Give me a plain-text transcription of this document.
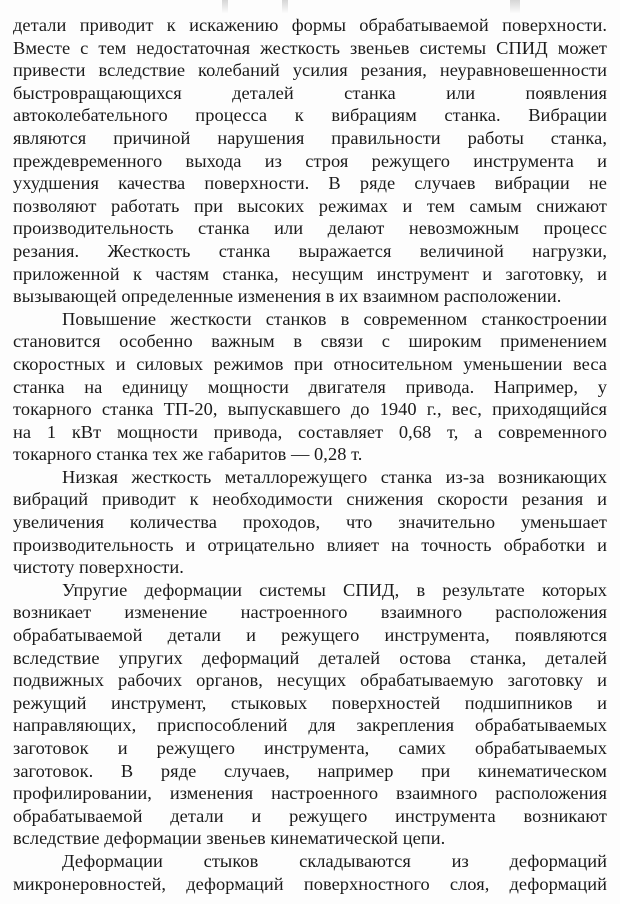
детали приводит к искажению формы обрабатываемой поверхности.
Вместе с тем недостаточная жесткость звеньев системы СПИД может
привести вследствие колебаний усилия резания, неуравновешенности
быстровращающихся деталей станка или появления
автоколебательного процесса к вибрациям станка. Вибрации
являются причиной нарушения правильности работы станка,
преждевременного выхода из строя режущего инструмента и
ухудшения качества поверхности. В ряде случаев вибрации не
позволяют работать при высоких режимах и тем самым снижают
производительность станка или делают невозможным процесс
резания. Жесткость станка выражается величиной нагрузки,
приложенной к частям станка, несущим инструмент и заготовку, и
вызывающей определенные изменения в их взаимном расположении.
Повышение жесткости станков в современном станкостроении
становится особенно важным в связи с широким применением
скоростных и силовых режимов при относительном уменьшении веса
станка на единицу мощности двигателя привода. Например, у
токарного станка ТП-20, выпускавшего до 1940 г., вес, приходящийся
на 1 кВт мощности привода, составляет 0,68 т, а современного
токарного станка тех же габаритов — 0,28 т.
Низкая жесткость металлорежущего станка из-за возникающих
вибраций приводит к необходимости снижения скорости резания и
увеличения количества проходов, что значительно уменьшает
производительность и отрицательно влияет на точность обработки и
чистоту поверхности.
Упругие деформации системы СПИД, в результате которых
возникает изменение настроенного взаимного расположения
обрабатываемой детали и режущего инструмента, появляются
вследствие упругих деформаций деталей остова станка, деталей
подвижных рабочих органов, несущих обрабатываемую заготовку и
режущий инструмент, стыковых поверхностей подшипников и
направляющих, приспособлений для закрепления обрабатываемых
заготовок и режущего инструмента, самих обрабатываемых
заготовок. В ряде случаев, например при кинематическом
профилировании, изменения настроенного взаимного расположения
обрабатываемой детали и режущего инструмента возникают
вследствие деформации звеньев кинематической цепи.
Деформации стыков складываются из деформаций
микронеровностей, деформаций поверхностного слоя, деформаций
